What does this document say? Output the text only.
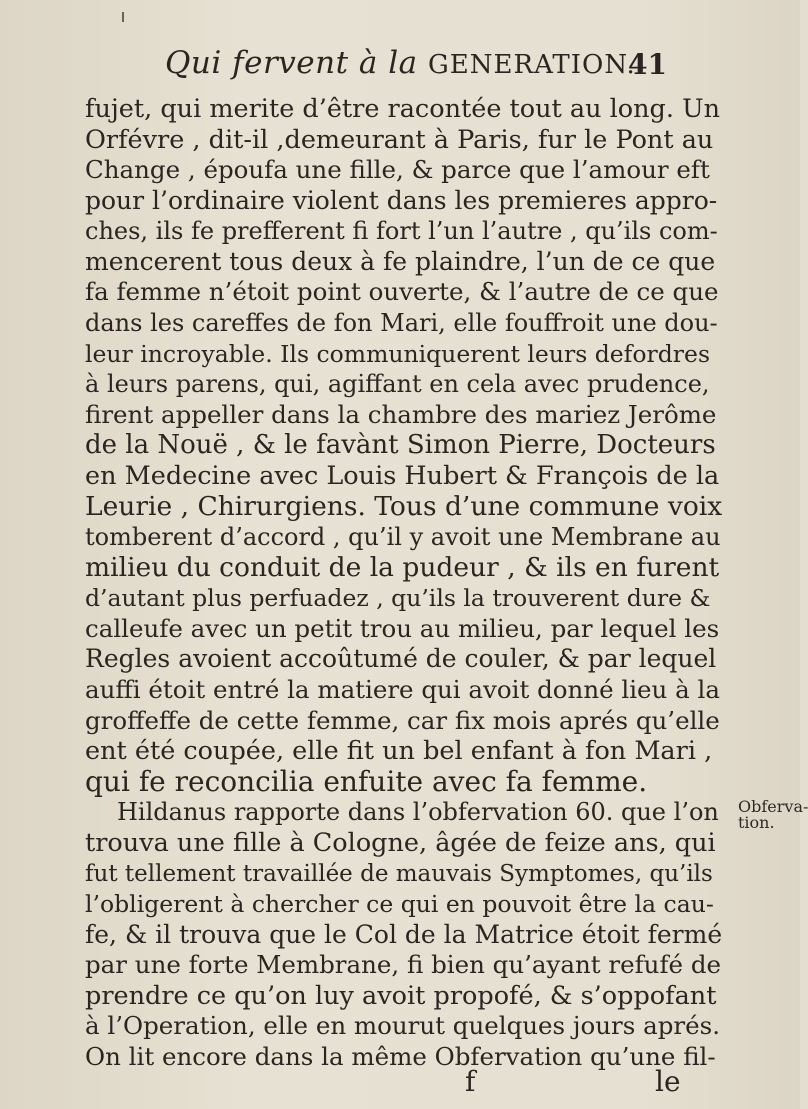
Qui fervent à la GENERATION.
41
fujet, qui merite d’être racontée tout au long. Un
Orfévre , dit-il ,demeurant à Paris, fur le Pont au
Change , époufa une fille, & parce que l’amour eft
pour l’ordinaire violent dans les premieres appro-
ches, ils fe prefferent fi fort l’un l’autre , qu’ils com-
mencerent tous deux à fe plaindre, l’un de ce que
fa femme n’étoit point ouverte, & l’autre de ce que
dans les careffes de fon Mari, elle fouffroit une dou-
leur incroyable. Ils communiquerent leurs defordres
à leurs parens, qui, agiffant en cela avec prudence,
firent appeller dans la chambre des mariez Jerôme
de la Nouë , & le favànt Simon Pierre, Docteurs
en Medecine avec Louis Hubert & François de la
Leurie , Chirurgiens. Tous d’une commune voix
tomberent d’accord , qu’il y avoit une Membrane au
milieu du conduit de la pudeur , & ils en furent
d’autant plus perfuadez , qu’ils la trouverent dure &
calleufe avec un petit trou au milieu, par lequel les
Regles avoient accoûtumé de couler, & par lequel
auffi étoit entré la matiere qui avoit donné lieu à la
groffeffe de cette femme, car fix mois aprés qu’elle
ent été coupée, elle fit un bel enfant à fon Mari ,
qui fe reconcilia enfuite avec fa femme.
Hildanus rapporte dans l’obfervation 60. que l’on
trouva une fille à Cologne, âgée de feize ans, qui
fut tellement travaillée de mauvais Symptomes, qu’ils
l’obligerent à chercher ce qui en pouvoit être la cau-
fe, & il trouva que le Col de la Matrice étoit fermé
par une forte Membrane, fi bien qu’ayant refufé de
prendre ce qu’on luy avoit propofé, & s’oppofant
à l’Operation, elle en mourut quelques jours aprés.
On lit encore dans la même Obfervation qu’une fil-
Obferva-
tion.
f	le
